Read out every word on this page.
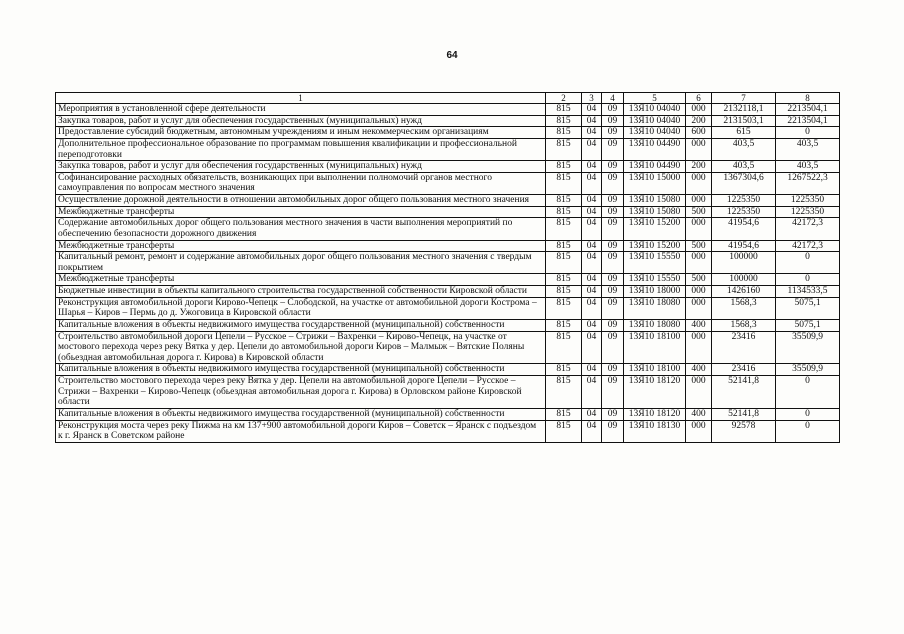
64
1	2	3	4	5	6	7	8
Мероприятия в установленной сфере деятельности	815	04	09	13Я10 04040	000	2132118,1	2213504,1
Закупка товаров, работ и услуг для обеспечения государственных (муниципальных) нужд	815	04	09	13Я10 04040	200	2131503,1	2213504,1
Предоставление субсидий бюджетным, автономным учреждениям и иным некоммерческим организациям	815	04	09	13Я10 04040	600	615	0
Дополнительное профессиональное образование по программам повышения квалификации и профессиональной переподготовки	815	04	09	13Я10 04490	000	403,5	403,5
Закупка товаров, работ и услуг для обеспечения государственных (муниципальных) нужд	815	04	09	13Я10 04490	200	403,5	403,5
Софинансирование расходных обязательств, возникающих при выполнении полномочий органов местного самоуправления по вопросам местного значения	815	04	09	13Я10 15000	000	1367304,6	1267522,3
Осуществление дорожной деятельности в отношении автомобильных дорог общего пользования местного значения	815	04	09	13Я10 15080	000	1225350	1225350
Межбюджетные трансферты	815	04	09	13Я10 15080	500	1225350	1225350
Содержание автомобильных дорог общего пользования местного значения в части выполнения мероприятий по обеспечению безопасности дорожного движения	815	04	09	13Я10 15200	000	41954,6	42172,3
Межбюджетные трансферты	815	04	09	13Я10 15200	500	41954,6	42172,3
Капитальный ремонт, ремонт и содержание автомобильных дорог общего пользования местного значения с твердым покрытием	815	04	09	13Я10 15550	000	100000	0
Межбюджетные трансферты	815	04	09	13Я10 15550	500	100000	0
Бюджетные инвестиции в объекты капитального строительства государственной собственности Кировской области	815	04	09	13Я10 18000	000	1426160	1134533,5
Реконструкция автомобильной дороги Кирово-Чепецк – Слободской, на участке от автомобильной дороги Кострома – Шарья – Киров – Пермь до д. Ужоговица в Кировской области	815	04	09	13Я10 18080	000	1568,3	5075,1
Капитальные вложения в объекты недвижимого имущества государственной (муниципальной) собственности	815	04	09	13Я10 18080	400	1568,3	5075,1
Строительство автомобильной дороги Цепели – Русское – Стрижи – Вахренки – Кирово-Чепецк, на участке от мостового перехода через реку Вятка у дер. Цепели до автомобильной дороги Киров – Малмыж – Вятские Поляны (обьездная автомобильная дорога г. Кирова) в Кировской области	815	04	09	13Я10 18100	000	23416	35509,9
Капитальные вложения в объекты недвижимого имущества государственной (муниципальной) собственности	815	04	09	13Я10 18100	400	23416	35509,9
Строительство мостового перехода через реку Вятка у дер. Цепели на автомобильной дороге Цепели – Русское – Стрижи – Вахренки – Кирово-Чепецк (обьездная автомобильная дорога г. Кирова) в Орловском районе Кировской области	815	04	09	13Я10 18120	000	52141,8	0
Капитальные вложения в объекты недвижимого имущества государственной (муниципальной) собственности	815	04	09	13Я10 18120	400	52141,8	0
Реконструкция моста через реку Пижма на км 137+900 автомобильной дороги Киров – Советск – Яранск с подъездом к г. Яранск в Советском районе	815	04	09	13Я10 18130	000	92578	0
